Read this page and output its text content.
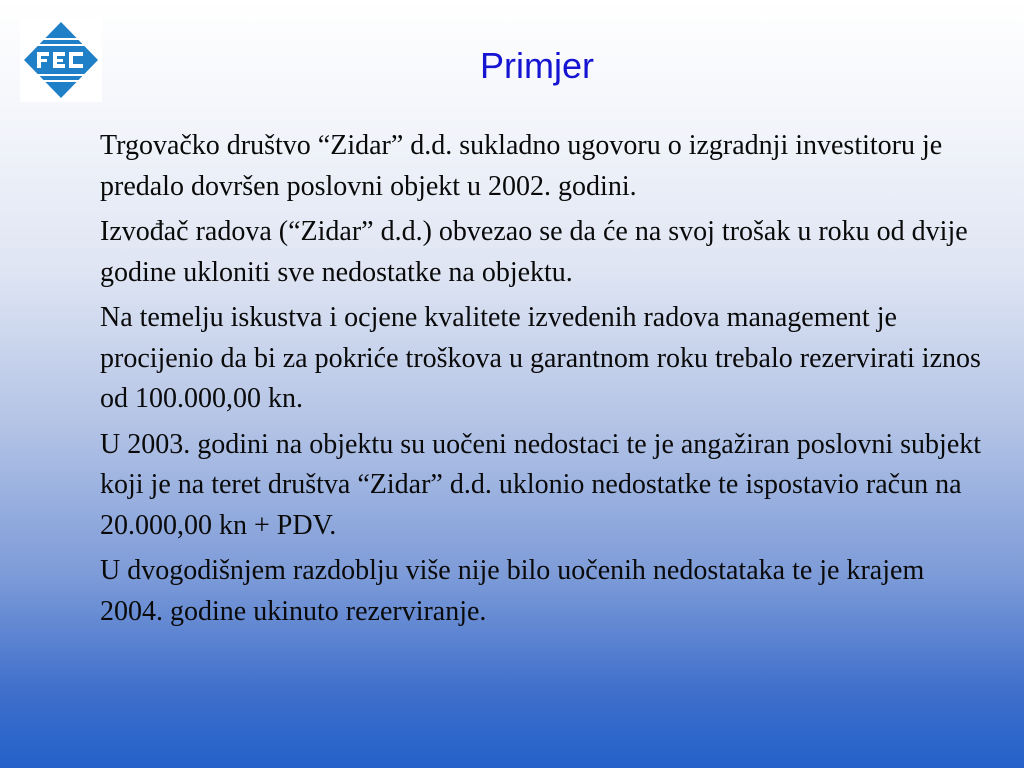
Primjer

Trgovačko društvo “Zidar” d.d. sukladno ugovoru o izgradnji investitoru je predalo dovršen poslovni objekt u 2002. godini.

Izvođač radova (“Zidar” d.d.) obvezao se da će na svoj trošak u roku od dvije godine ukloniti sve nedostatke na objektu.

Na temelju iskustva i ocjene kvalitete izvedenih radova management je procijenio da bi za pokriće troškova u garantnom roku trebalo rezervirati iznos od 100.000,00 kn.

U 2003. godini na objektu su uočeni nedostaci te je angažiran poslovni subjekt koji je na teret društva “Zidar” d.d. uklonio nedostatke te ispostavio račun na 20.000,00 kn + PDV.

U dvogodišnjem razdoblju više nije bilo uočenih nedostataka te je krajem 2004. godine ukinuto rezerviranje.
